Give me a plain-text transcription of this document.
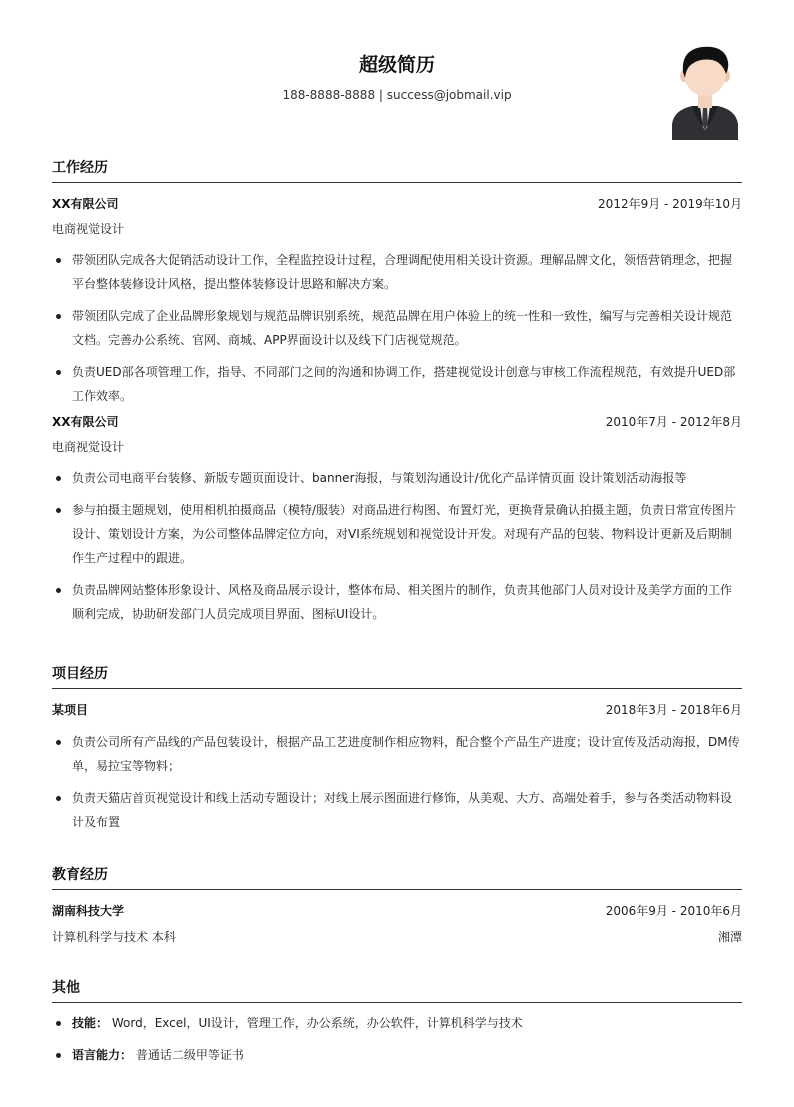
超级简历
188-8888-8888 | success@jobmail.vip
工作经历
XX有限公司	2012年9月 - 2019年10月
电商视觉设计
带领团队完成各大促销活动设计工作，全程监控设计过程，合理调配使用相关设计资源。理解品牌文化，领悟营销理念，把握平台整体装修设计风格，提出整体装修设计思路和解决方案。
带领团队完成了企业品牌形象规划与规范品牌识别系统，规范品牌在用户体验上的统一性和一致性，编写与完善相关设计规范文档。完善办公系统、官网、商城、APP界面设计以及线下门店视觉规范。
负责UED部各项管理工作，指导、不同部门之间的沟通和协调工作，搭建视觉设计创意与审核工作流程规范，有效提升UED部工作效率。
XX有限公司	2010年7月 - 2012年8月
电商视觉设计
负责公司电商平台装修、新版专题页面设计、banner海报，与策划沟通设计/优化产品详情页面 设计策划活动海报等
参与拍摄主题规划，使用相机拍摄商品（模特/服装）对商品进行构图、布置灯光，更换背景确认拍摄主题，负责日常宣传图片设计、策划设计方案，为公司整体品牌定位方向，对VI系统规划和视觉设计开发。对现有产品的包装、物料设计更新及后期制作生产过程中的跟进。
负责品牌网站整体形象设计、风格及商品展示设计，整体布局、相关图片的制作，负责其他部门人员对设计及美学方面的工作顺利完成，协助研发部门人员完成项目界面、图标UI设计。
项目经历
某项目	2018年3月 - 2018年6月
负责公司所有产品线的产品包装设计，根据产品工艺进度制作相应物料，配合整个产品生产进度；设计宣传及活动海报，DM传单，易拉宝等物料；
负责天猫店首页视觉设计和线上活动专题设计；对线上展示图面进行修饰，从美观、大方、高端处着手，参与各类活动物料设计及布置
教育经历
湖南科技大学	2006年9月 - 2010年6月
计算机科学与技术 本科	湘潭
其他
技能： Word，Excel，UI设计，管理工作，办公系统，办公软件，计算机科学与技术
语言能力： 普通话二级甲等证书
